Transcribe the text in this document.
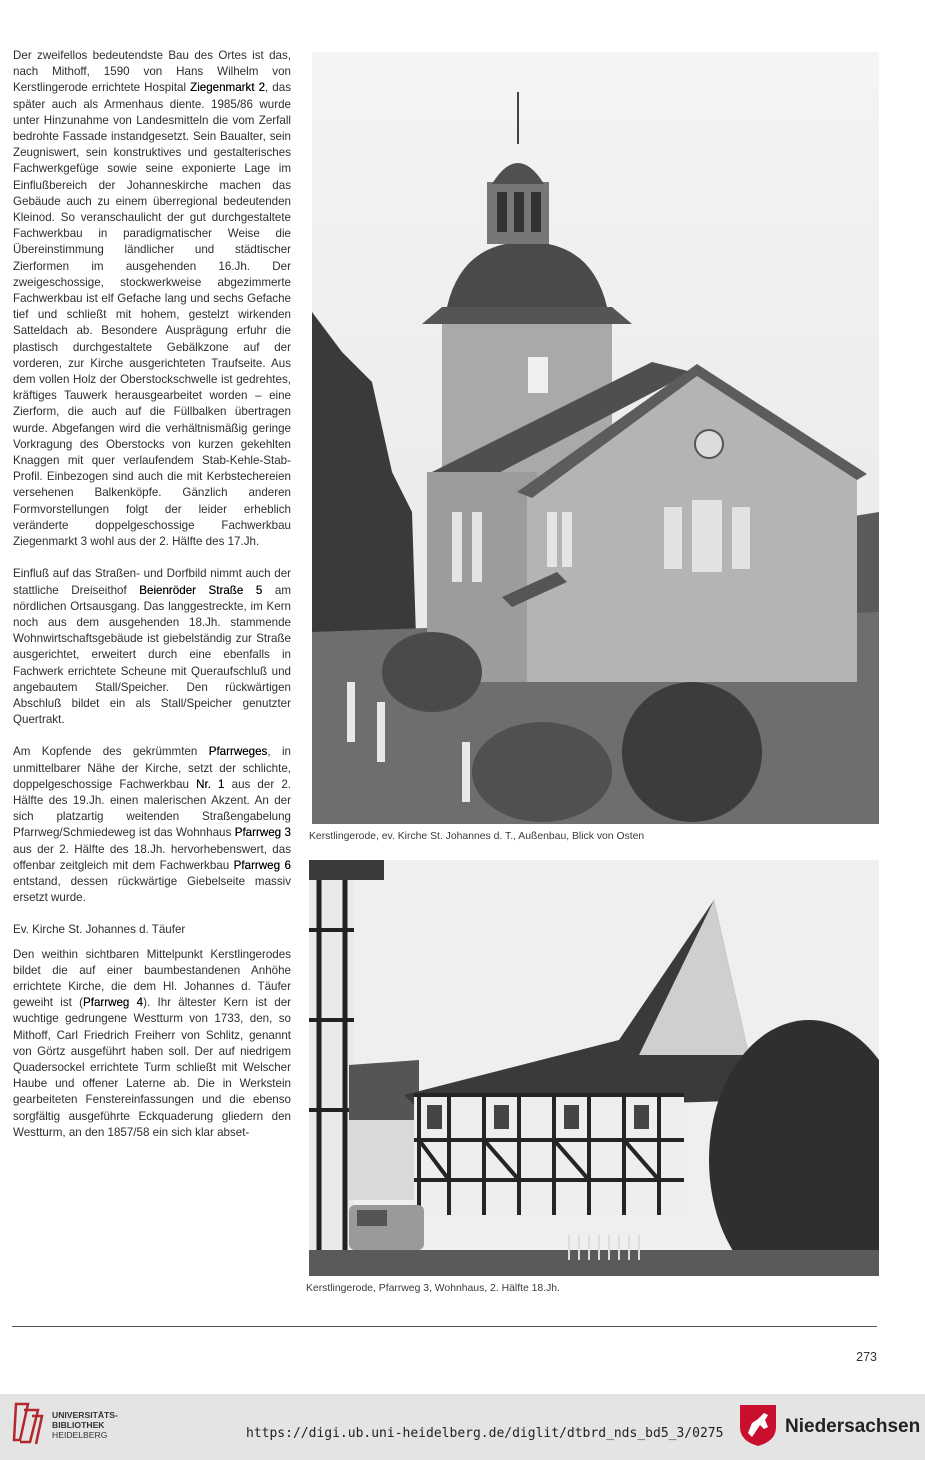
Der zweifellos bedeutendste Bau des Ortes ist das, nach Mithoff, 1590 von Hans Wilhelm von Kerstlingerode errichtete Hospital Ziegenmarkt 2, das später auch als Armenhaus diente. 1985/86 wurde unter Hinzunahme von Landesmitteln die vom Zerfall bedrohte Fassade instandgesetzt. Sein Baualter, sein Zeugniswert, sein konstruktives und gestalterisches Fachwerkgefüge sowie seine exponierte Lage im Einflußbereich der Johanneskirche machen das Gebäude auch zu einem überregional bedeutenden Kleinod. So veranschaulicht der gut durchgestaltete Fachwerkbau in paradigmatischer Weise die Übereinstimmung ländlicher und städtischer Zierformen im ausgehenden 16.Jh. Der zweigeschossige, stockwerkweise abgezimmerte Fachwerkbau ist elf Gefache lang und sechs Gefache tief und schließt mit hohem, gestelzt wirkenden Satteldach ab. Besondere Ausprägung erfuhr die plastisch durchgestaltete Gebälkzone auf der vorderen, zur Kirche ausgerichteten Traufseite. Aus dem vollen Holz der Oberstockschwelle ist gedrehtes, kräftiges Tauwerk herausgearbeitet worden – eine Zierform, die auch auf die Füllbalken übertragen wurde. Abgefangen wird die verhältnismäßig geringe Vorkragung des Oberstocks von kurzen gekehlten Knaggen mit quer verlaufendem Stab-Kehle-Stab-Profil. Einbezogen sind auch die mit Kerbstechereien versehenen Balkenköpfe. Gänzlich anderen Formvorstellungen folgt der leider erheblich veränderte doppelgeschossige Fachwerkbau Ziegenmarkt 3 wohl aus der 2. Hälfte des 17.Jh.

Einfluß auf das Straßen- und Dorfbild nimmt auch der stattliche Dreiseithof Beienröder Straße 5 am nördlichen Ortsausgang. Das langgestreckte, im Kern noch aus dem ausgehenden 18.Jh. stammende Wohnwirtschaftsgebäude ist giebelständig zur Straße ausgerichtet, erweitert durch eine ebenfalls in Fachwerk errichtete Scheune mit Queraufschluß und angebautem Stall/Speicher. Den rückwärtigen Abschluß bildet ein als Stall/Speicher genutzter Quertrakt.

Am Kopfende des gekrümmten Pfarrweges, in unmittelbarer Nähe der Kirche, setzt der schlichte, doppelgeschossige Fachwerkbau Nr. 1 aus der 2. Hälfte des 19.Jh. einen malerischen Akzent. An der sich platzartig weitenden Straßengabelung Pfarrweg/Schmiedeweg ist das Wohnhaus Pfarrweg 3 aus der 2. Hälfte des 18.Jh. hervorhebenswert, das offenbar zeitgleich mit dem Fachwerkbau Pfarrweg 6 entstand, dessen rückwärtige Giebelseite massiv ersetzt wurde.

Ev. Kirche St. Johannes d. Täufer

Den weithin sichtbaren Mittelpunkt Kerstlingerodes bildet die auf einer baumbestandenen Anhöhe errichtete Kirche, die dem Hl. Johannes d. Täufer geweiht ist (Pfarrweg 4). Ihr ältester Kern ist der wuchtige gedrungene Westturm von 1733, den, so Mithoff, Carl Friedrich Freiherr von Schlitz, genannt von Görtz ausgeführt haben soll. Der auf niedrigem Quadersockel errichtete Turm schließt mit Welscher Haube und offener Laterne ab. Die in Werkstein gearbeiteten Fenstereinfassungen und die ebenso sorgfältig ausgeführte Eckquaderung gliedern den Westturm, an den 1857/58 ein sich klar abset-

Kerstlingerode, ev. Kirche St. Johannes d. T., Außenbau, Blick von Osten
Kerstlingerode, Pfarrweg 3, Wohnhaus, 2. Hälfte 18.Jh.
273
UNIVERSITÄTS-
BIBLIOTHEK
HEIDELBERG	https://digi.ub.uni-heidelberg.de/diglit/dtbrd_nds_bd5_3/0275	Niedersachsen
